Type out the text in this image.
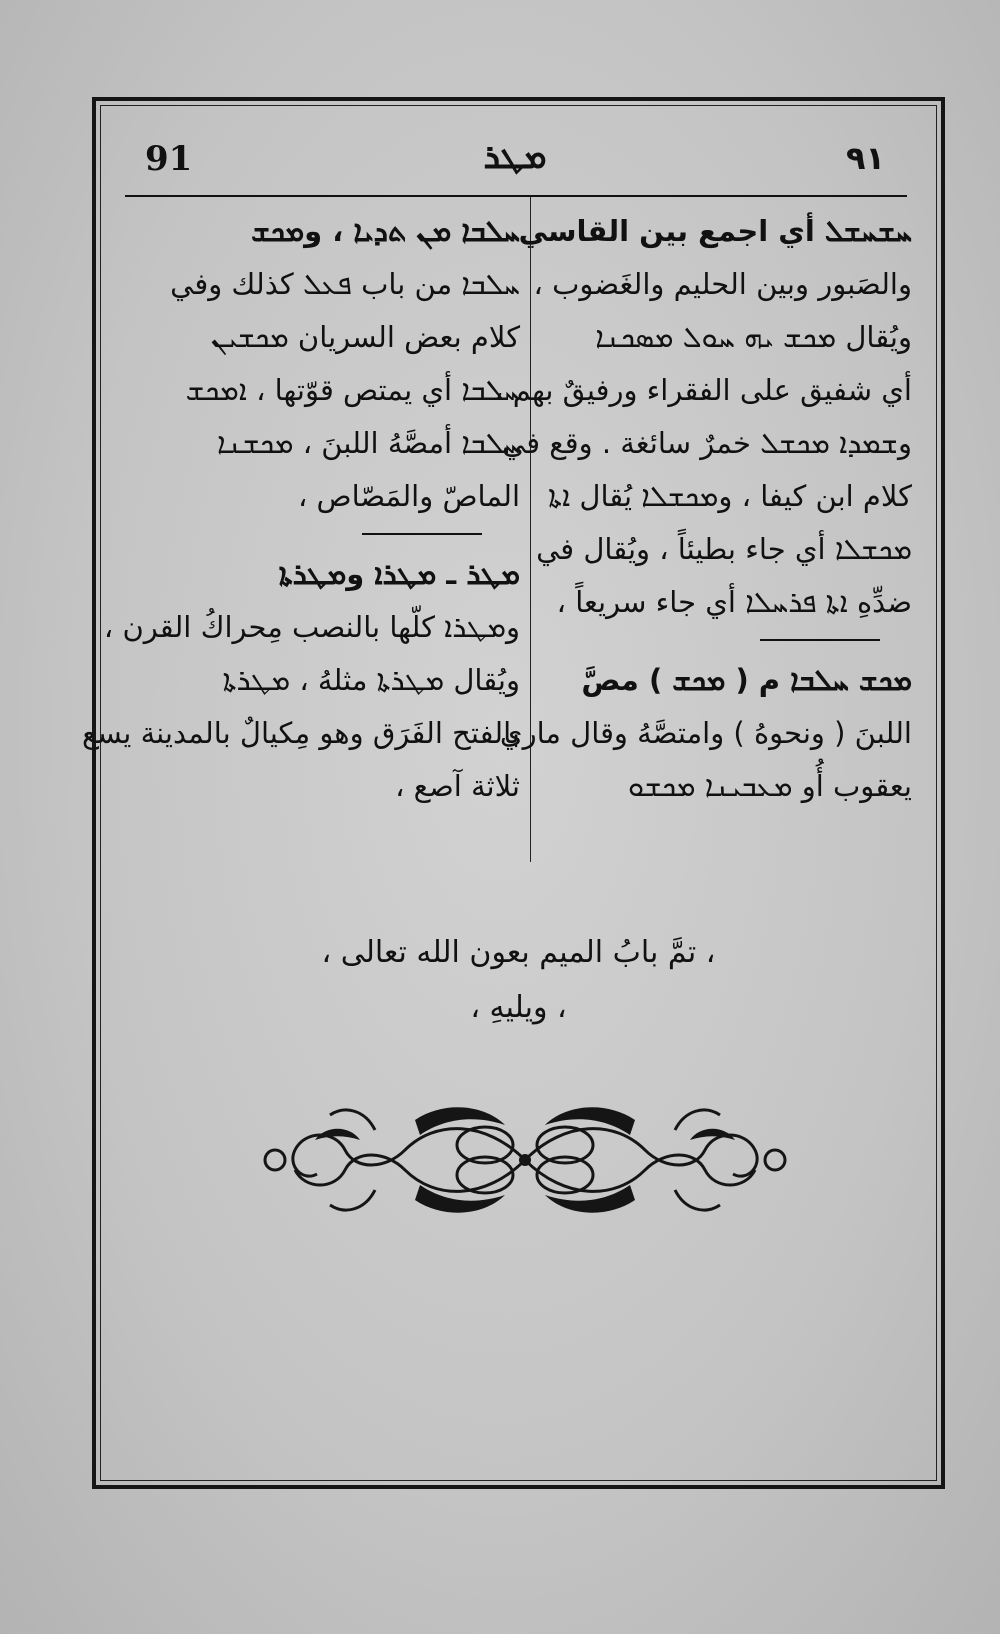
91	ܡܛܪ	٩١
ܚܫܚܫܠ أي اجمع بين القاسي
والصَبور وبين الحليم والغَضوب ،
ويُقال ܡܟܫ ܝܗ ܚܘܠ ܡܣܟܢܐ
أي شفيق على الفقراء ورفيقٌ بهم ،
وܫܡܕܐ ܡܟܫܠ خمرٌ سائغة . وقع في
كلام ابن كيفا ، وܡܟܫܠܐ يُقال ܐܬܐ
ܡܟܫܠܐ أي جاء بطيئاً ، ويُقال في
ضدِّهِ ܐܬܐ ܦܪܚܠܐ أي جاء سريعاً ،
ܡܟܫ ܚܠܒܐ م ( ܡܟܫ ) مصَّ
اللبنَ ( ونحوهُ ) وامتصَّهُ وقال ماري
يعقوب أُو ܡܥܒܝܢܐ ܡܟܫܘ
ܚܠܒܐ ܡܢ ܬܕܝܐ ، وܡܟܫ
ܚܠܒܐ من باب ܦܥܠ كذلك وفي
كلام بعض السريان ܡܟܫܝܢ
ܚܠܒܐ أي يمتص قوّتها ، ܐܡܟܫ
ܚܠܒܐ أمصَّهُ اللبنَ ، ܡܟܫܢܐ
الماصّ والمَصّاص ،
ܡܛܪ ـ ܡܛܪܐ وܡܛܪܬܐ
وܡܛܪܐ كلّها بالنصب مِحراكُ القرن ،
ويُقال ܡܛܪܬܐ مثلهُ ، ܡܛܪܬܐ
بالفتح الفَرَق وهو مِكيالٌ بالمدينة يسع
ثلاثة آصع ،
، تمَّ بابُ الميم بعون الله تعالى ،
، ويليهِ ،
